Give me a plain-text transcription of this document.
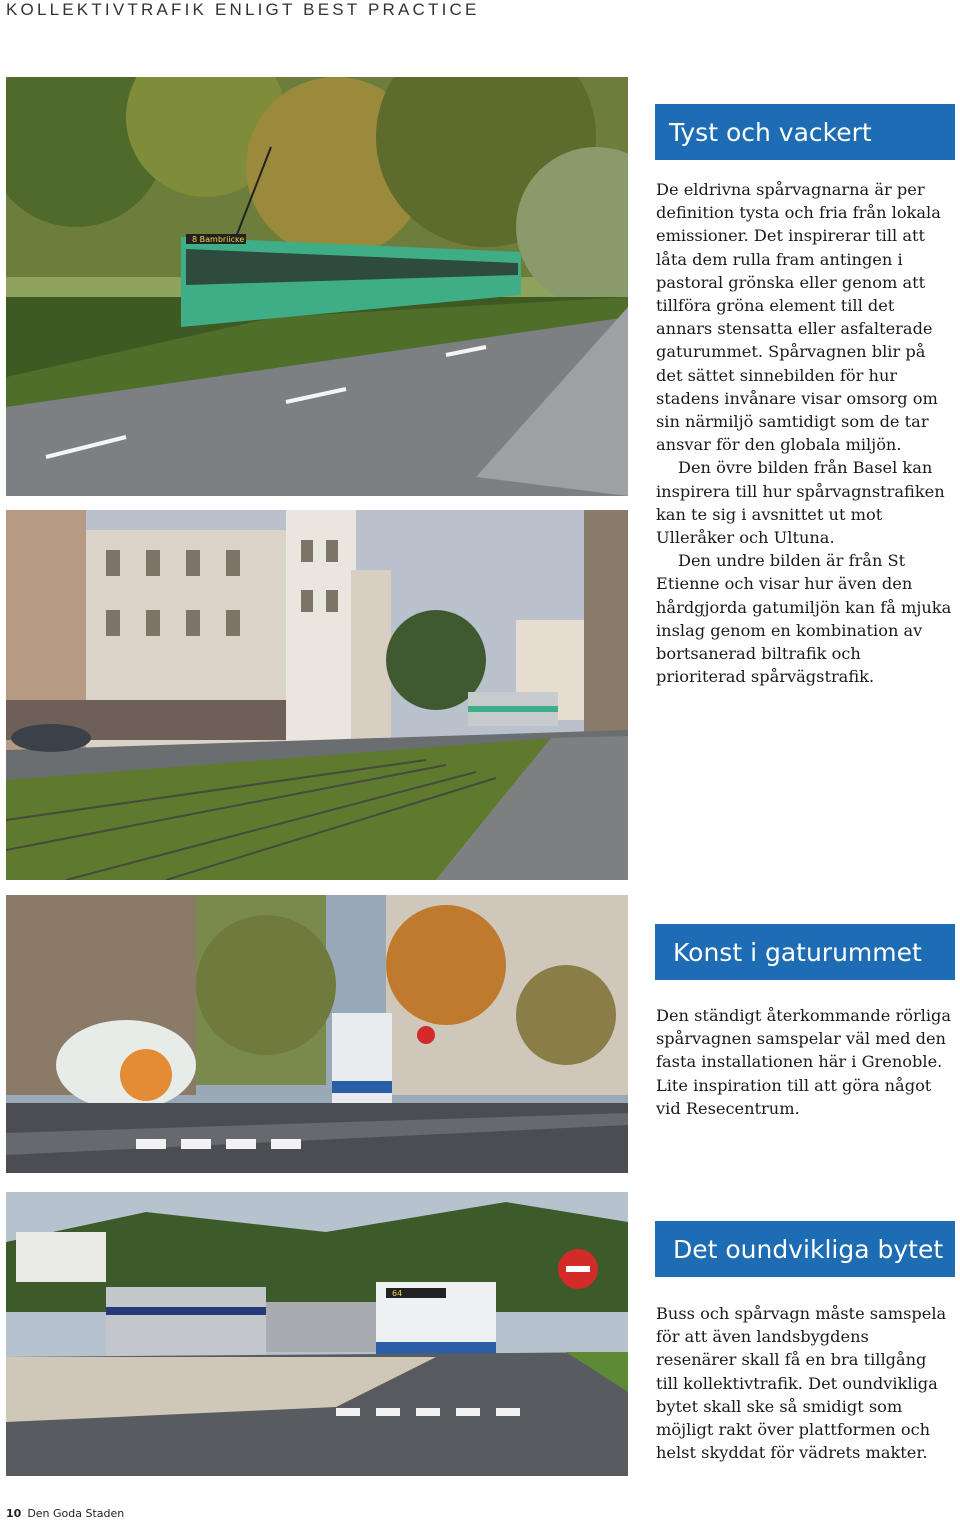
KOLLEKTIVTRAFIK ENLIGT BEST PRACTICE
8 Bambriicke
64
Tyst och vackert

De eldrivna spårvagnarna är per definition tysta och fria från lokala emissioner. Det inspirerar till att låta dem rulla fram antingen i pastoral grönska eller genom att tillföra gröna element till det annars stensatta eller asfalterade gaturummet. Spårvagnen blir på det sättet sinnebilden för hur stadens invånare visar omsorg om sin närmiljö samtidigt som de tar ansvar för den globala miljön.

Den övre bilden från Basel kan inspirera till hur spårvagnstrafiken kan te sig i avsnittet ut mot Ulleråker och Ultuna.

Den undre bilden är från St Etienne och visar hur även den hårdgjorda gatumiljön kan få mjuka inslag genom en kombination av bortsanerad biltrafik och prioriterad spårvägstrafik.

Konst i gaturummet

Den ständigt återkommande rörliga spårvagnen samspelar väl med den fasta installationen här i Grenoble. Lite inspiration till att göra något vid Resecentrum.

Det oundvikliga bytet

Buss och spårvagn måste samspela för att även landsbygdens resenärer skall få en bra tillgång till kollektivtrafik. Det oundvikliga bytet skall ske så smidigt som möjligt rakt över plattformen och helst skyddat för vädrets makter.

10 Den Goda Staden
